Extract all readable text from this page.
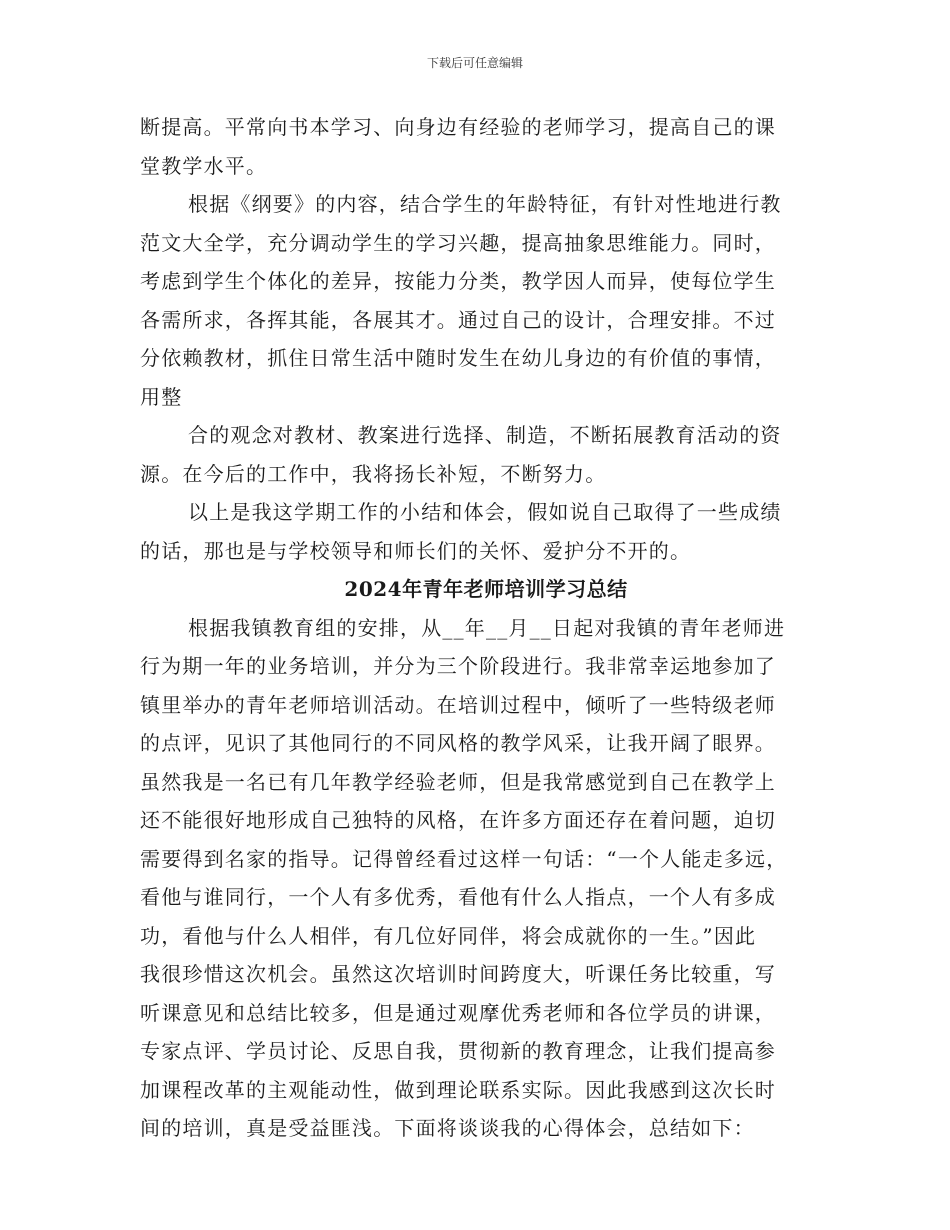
下载后可任意编辑
断提高。平常向书本学习、向身边有经验的老师学习，提高自己的课
堂教学水平。
根据《纲要》的内容，结合学生的年龄特征，有针对性地进行教
范文大全学，充分调动学生的学习兴趣，提高抽象思维能力。同时，
考虑到学生个体化的差异，按能力分类，教学因人而异，使每位学生
各需所求，各挥其能，各展其才。通过自己的设计，合理安排。不过
分依赖教材，抓住日常生活中随时发生在幼儿身边的有价值的事情，
用整
合的观念对教材、教案进行选择、制造，不断拓展教育活动的资
源。在今后的工作中，我将扬长补短，不断努力。
以上是我这学期工作的小结和体会，假如说自己取得了一些成绩
的话，那也是与学校领导和师长们的关怀、爱护分不开的。
2024年青年老师培训学习总结
根据我镇教育组的安排，从__年__月__日起对我镇的青年老师进
行为期一年的业务培训，并分为三个阶段进行。我非常幸运地参加了
镇里举办的青年老师培训活动。在培训过程中，倾听了一些特级老师
的点评，见识了其他同行的不同风格的教学风采，让我开阔了眼界。
虽然我是一名已有几年教学经验老师，但是我常感觉到自己在教学上
还不能很好地形成自己独特的风格，在许多方面还存在着问题，迫切
需要得到名家的指导。记得曾经看过这样一句话：“一个人能走多远，
看他与谁同行，一个人有多优秀，看他有什么人指点，一个人有多成
功，看他与什么人相伴，有几位好同伴，将会成就你的一生。”因此
我很珍惜这次机会。虽然这次培训时间跨度大，听课任务比较重，写
听课意见和总结比较多，但是通过观摩优秀老师和各位学员的讲课，
专家点评、学员讨论、反思自我，贯彻新的教育理念，让我们提高参
加课程改革的主观能动性，做到理论联系实际。因此我感到这次长时
间的培训，真是受益匪浅。下面将谈谈我的心得体会，总结如下：
